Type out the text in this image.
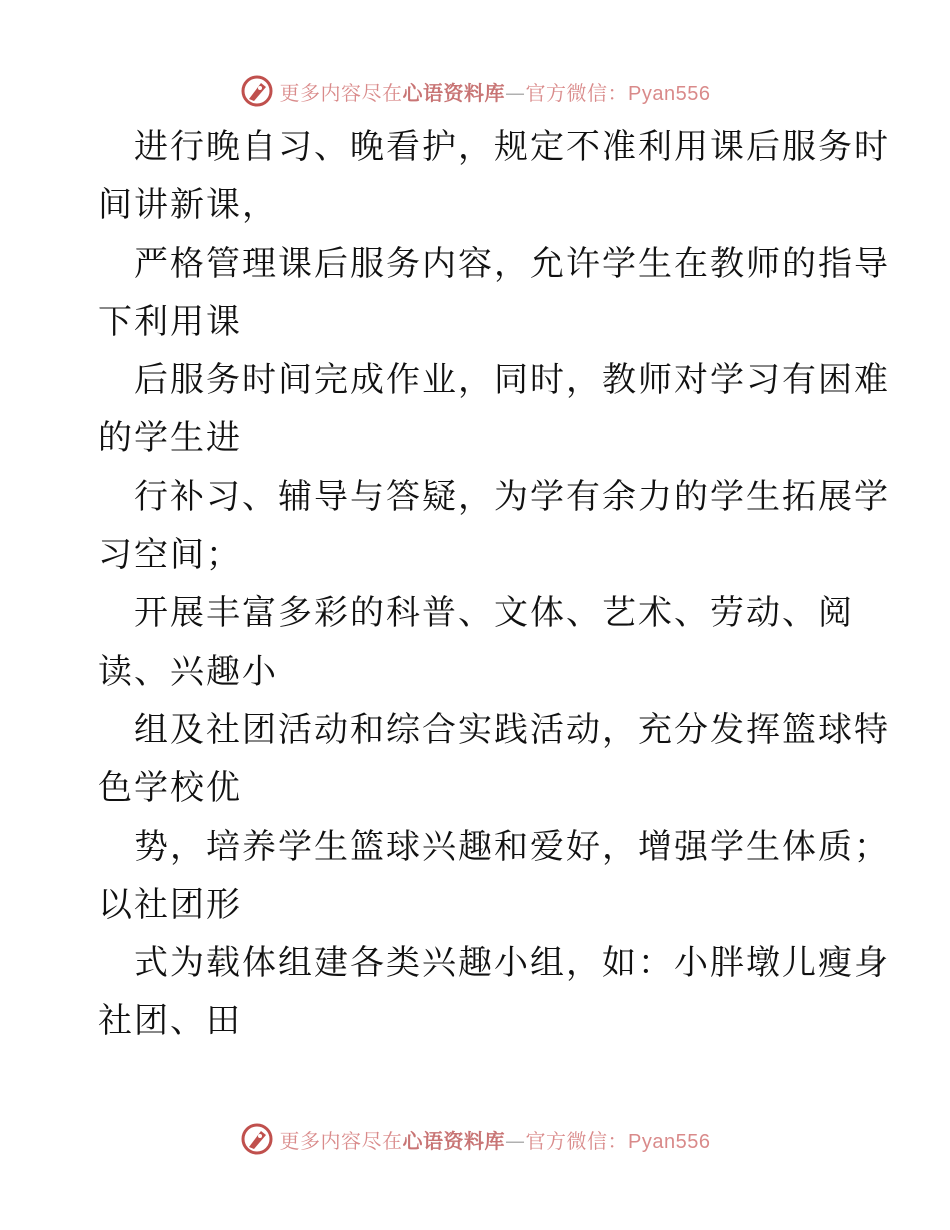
更多内容尽在心语资料库—官方微信：Pyan556

进行晚自习、晚看护，规定不准利用课后服务时

间讲新课，

严格管理课后服务内容，允许学生在教师的指导

下利用课

后服务时间完成作业，同时，教师对学习有困难

的学生进

行补习、辅导与答疑，为学有余力的学生拓展学

习空间；

开展丰富多彩的科普、文体、艺术、劳动、阅

读、兴趣小

组及社团活动和综合实践活动，充分发挥篮球特

色学校优

势，培养学生篮球兴趣和爱好，增强学生体质；

以社团形

式为载体组建各类兴趣小组，如：小胖墩儿瘦身

社团、田

更多内容尽在心语资料库—官方微信：Pyan556
